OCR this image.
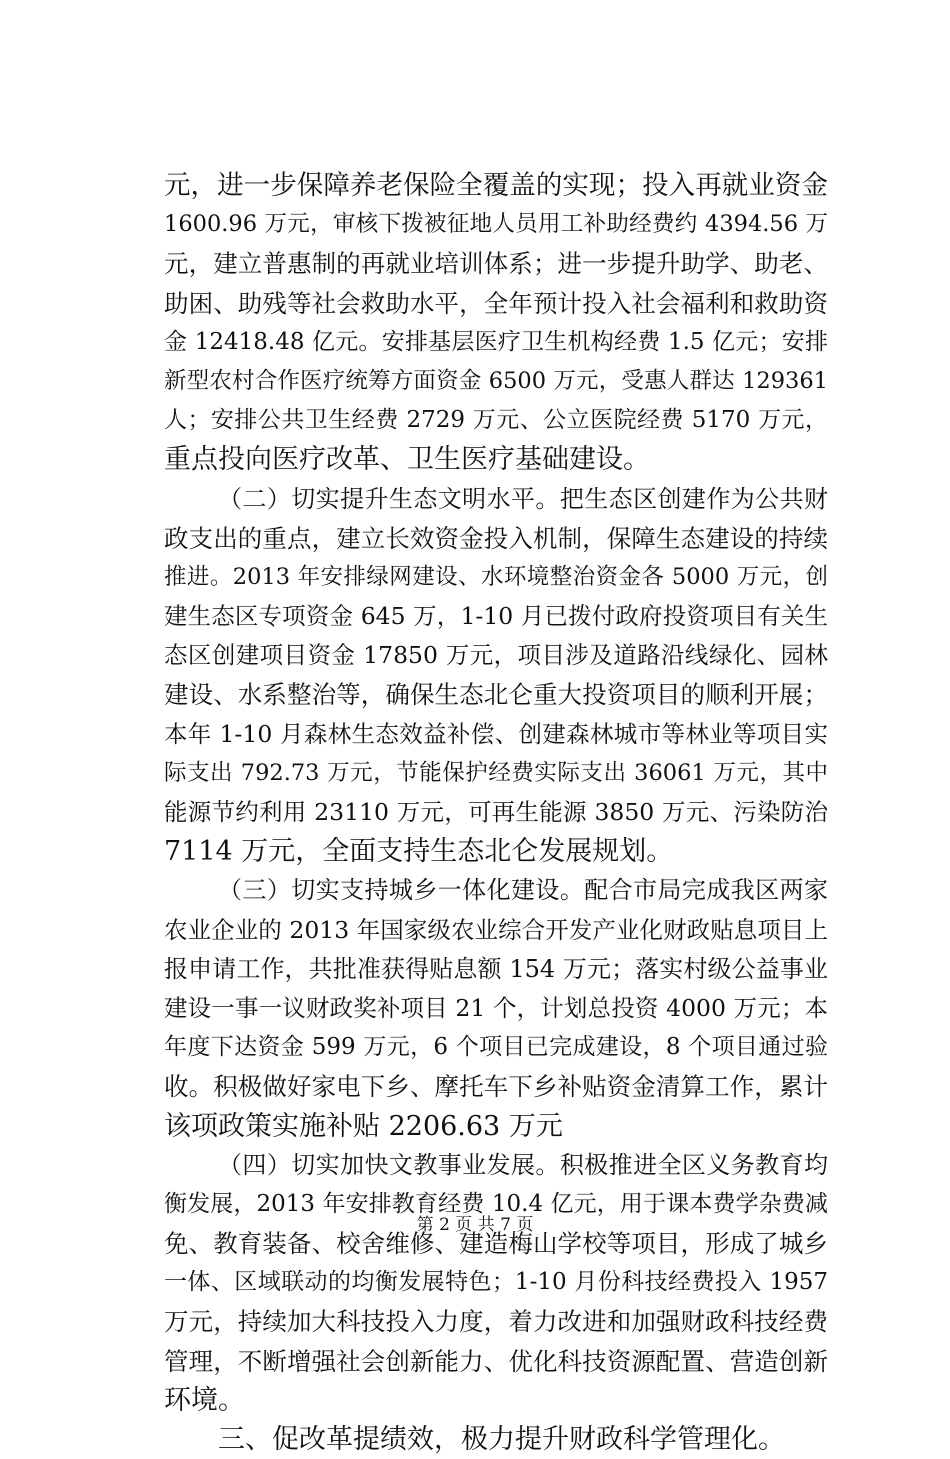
元，进一步保障养老保险全覆盖的实现；投入再就业资金
1600.96 万元，审核下拨被征地人员用工补助经费约 4394.56 万
元，建立普惠制的再就业培训体系；进一步提升助学、助老、
助困、助残等社会救助水平，全年预计投入社会福利和救助资
金 12418.48 亿元。安排基层医疗卫生机构经费 1.5 亿元；安排
新型农村合作医疗统筹方面资金 6500 万元，受惠人群达 129361
人；安排公共卫生经费 2729 万元、公立医院经费 5170 万元，
重点投向医疗改革、卫生医疗基础建设。
（二）切实提升生态文明水平。把生态区创建作为公共财
政支出的重点，建立长效资金投入机制，保障生态建设的持续
推进。2013 年安排绿网建设、水环境整治资金各 5000 万元，创
建生态区专项资金 645 万，1-10 月已拨付政府投资项目有关生
态区创建项目资金 17850 万元，项目涉及道路沿线绿化、园林
建设、水系整治等，确保生态北仑重大投资项目的顺利开展；
本年 1-10 月森林生态效益补偿、创建森林城市等林业等项目实
际支出 792.73 万元，节能保护经费实际支出 36061 万元，其中
能源节约利用 23110 万元，可再生能源 3850 万元、污染防治
7114 万元，全面支持生态北仑发展规划。
（三）切实支持城乡一体化建设。配合市局完成我区两家
农业企业的 2013 年国家级农业综合开发产业化财政贴息项目上
报申请工作，共批准获得贴息额 154 万元；落实村级公益事业
建设一事一议财政奖补项目 21 个，计划总投资 4000 万元；本
年度下达资金 599 万元，6 个项目已完成建设，8 个项目通过验
收。积极做好家电下乡、摩托车下乡补贴资金清算工作，累计
该项政策实施补贴 2206.63 万元
（四）切实加快文教事业发展。积极推进全区义务教育均
衡发展，2013 年安排教育经费 10.4 亿元，用于课本费学杂费减
免、教育装备、校舍维修、建造梅山学校等项目，形成了城乡
一体、区域联动的均衡发展特色；1-10 月份科技经费投入 1957
万元，持续加大科技投入力度，着力改进和加强财政科技经费
管理，不断增强社会创新能力、优化科技资源配置、营造创新
环境。
三、促改革提绩效，极力提升财政科学管理化。
第 2 页 共 7 页
